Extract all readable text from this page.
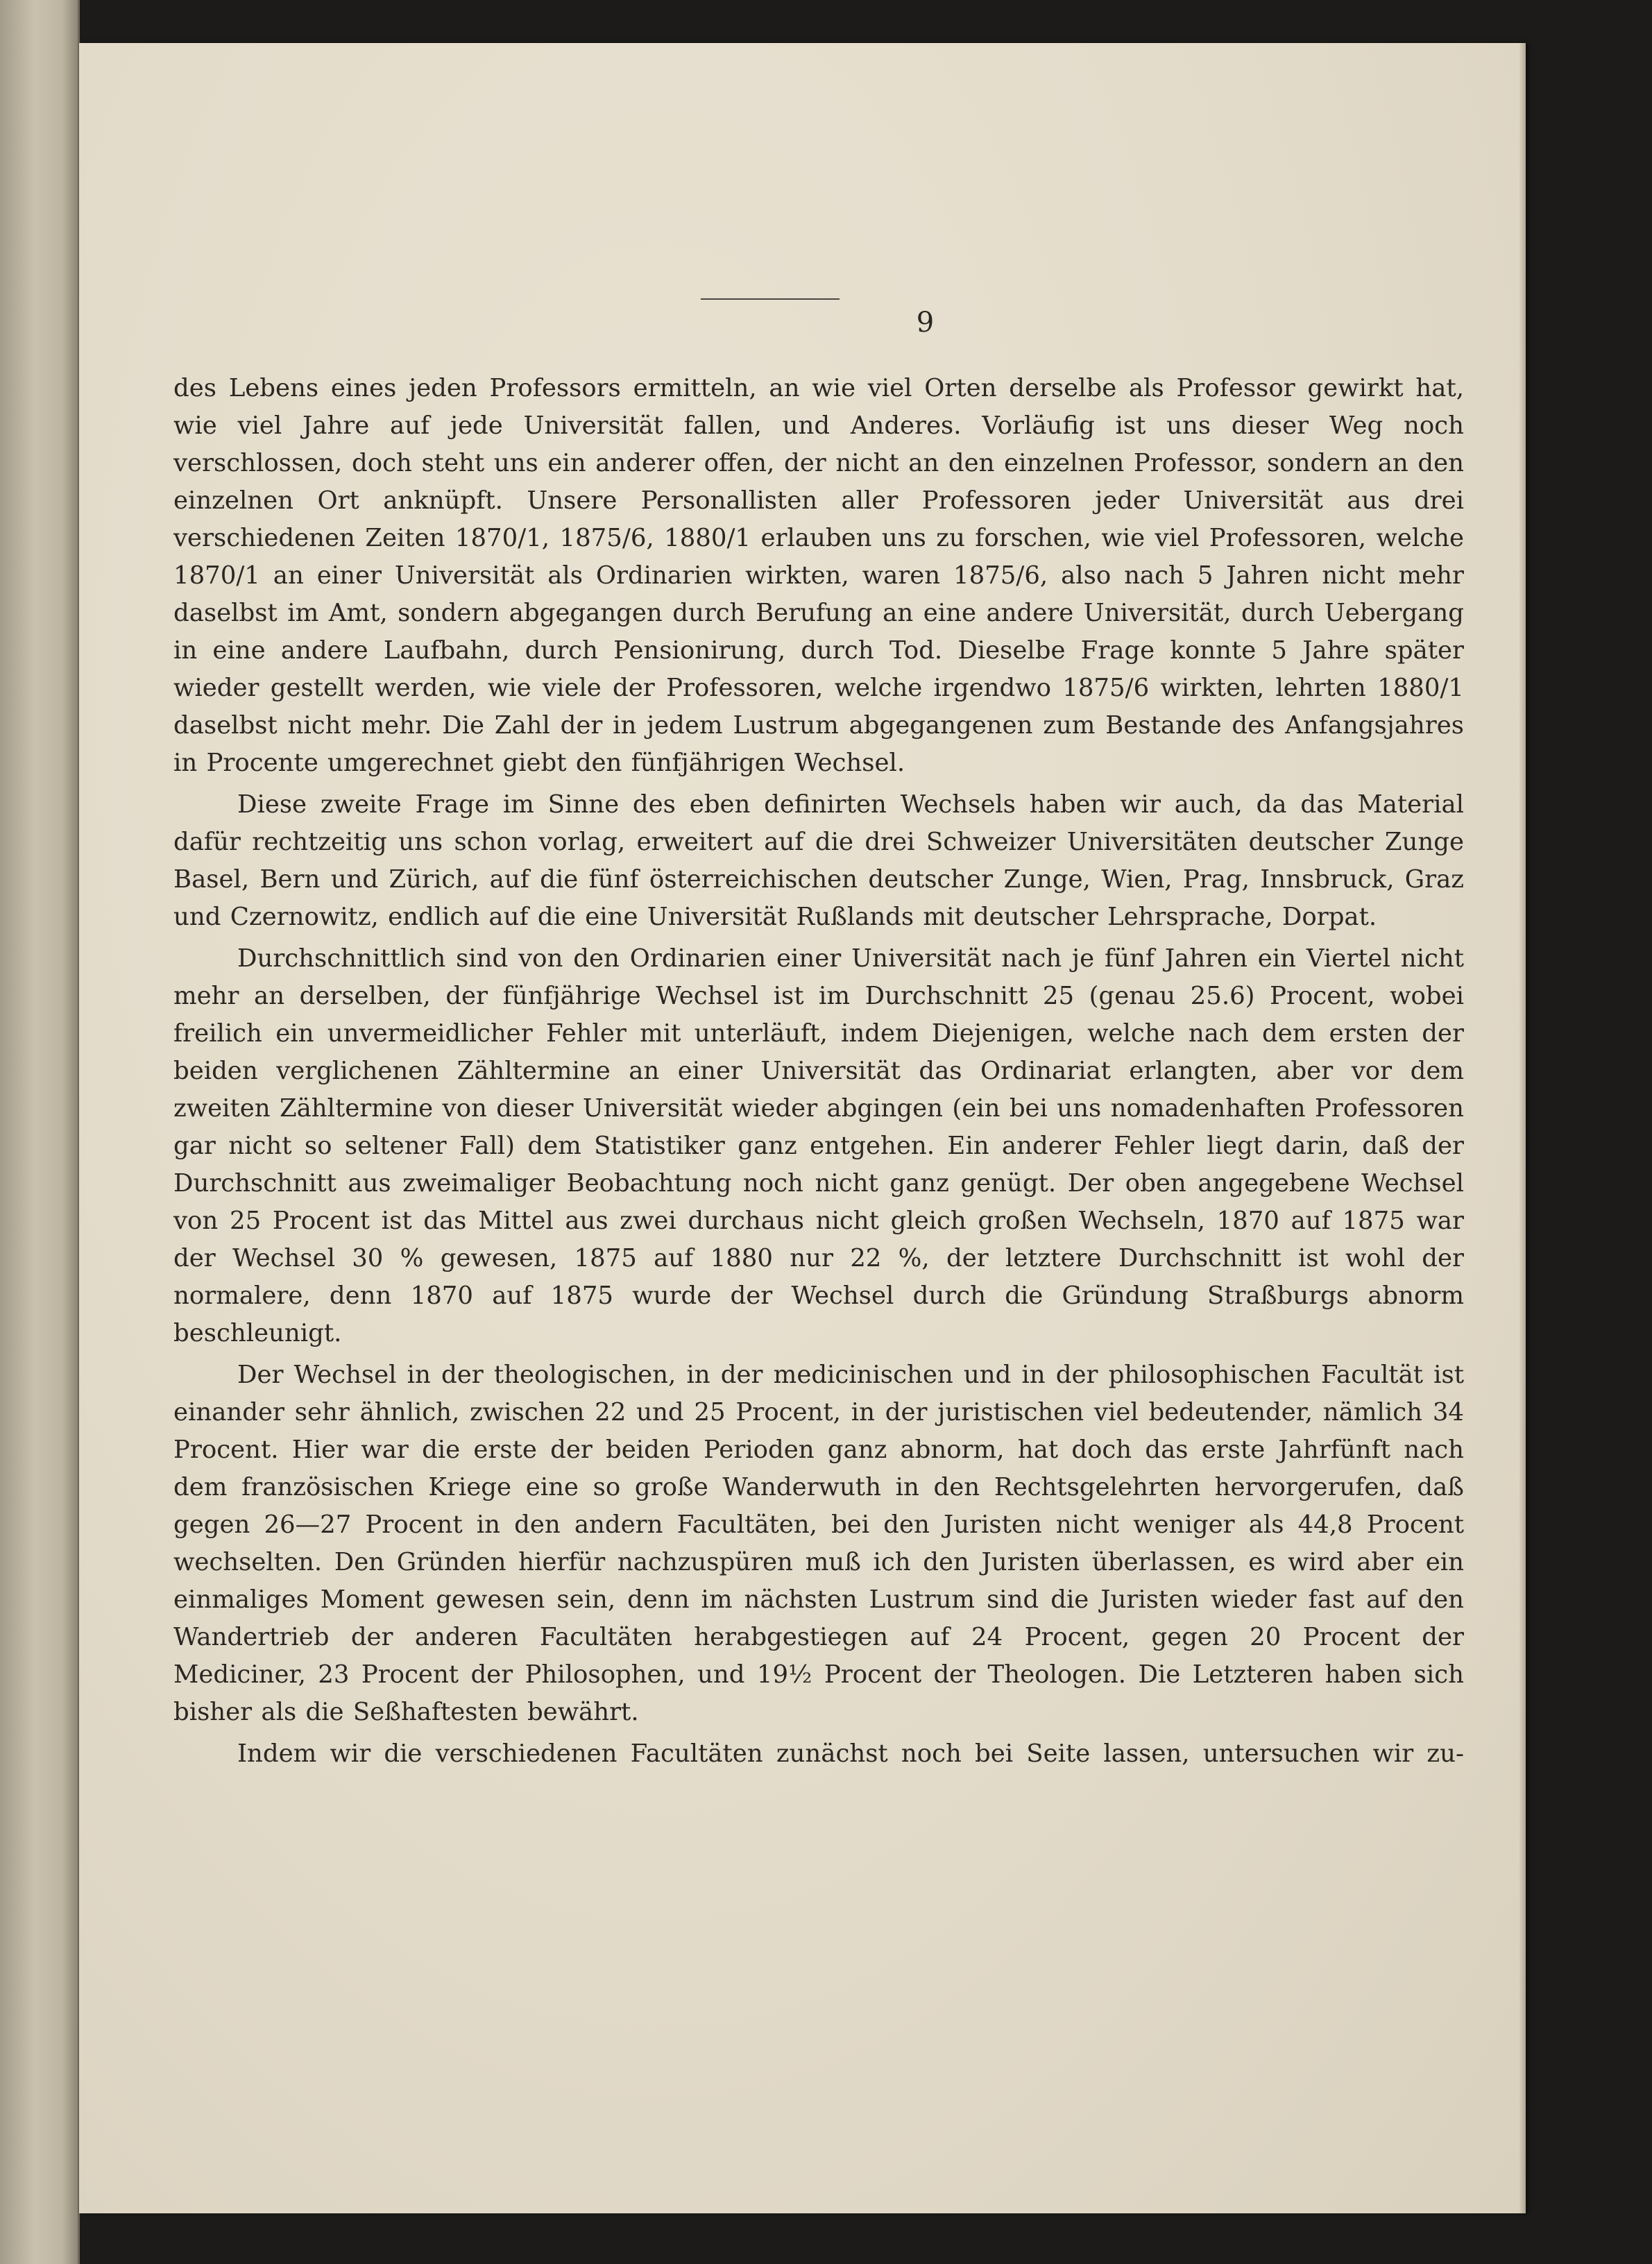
9

des Lebens eines jeden Professors ermitteln, an wie viel Orten derselbe als Professor gewirkt hat, wie viel Jahre auf jede Universität fallen, und Anderes. Vorläufig ist uns dieser Weg noch verschlossen, doch steht uns ein anderer offen, der nicht an den einzelnen Professor, sondern an den einzelnen Ort anknüpft. Unsere Personallisten aller Professoren jeder Universität aus drei verschiedenen Zeiten 1870/1, 1875/6, 1880/1 erlauben uns zu forschen, wie viel Professoren, welche 1870/1 an einer Universität als Ordinarien wirkten, waren 1875/6, also nach 5 Jahren nicht mehr daselbst im Amt, sondern abgegangen durch Berufung an eine andere Universität, durch Uebergang in eine andere Laufbahn, durch Pensionirung, durch Tod. Dieselbe Frage konnte 5 Jahre später wieder gestellt werden, wie viele der Professoren, welche irgendwo 1875/6 wirkten, lehrten 1880/1 daselbst nicht mehr. Die Zahl der in jedem Lustrum abgegangenen zum Bestande des Anfangsjahres in Procente umgerechnet giebt den fünfjährigen Wechsel.

Diese zweite Frage im Sinne des eben definirten Wechsels haben wir auch, da das Material dafür rechtzeitig uns schon vorlag, erweitert auf die drei Schweizer Universitäten deutscher Zunge Basel, Bern und Zürich, auf die fünf österreichischen deutscher Zunge, Wien, Prag, Innsbruck, Graz und Czernowitz, endlich auf die eine Universität Rußlands mit deutscher Lehrsprache, Dorpat.

Durchschnittlich sind von den Ordinarien einer Universität nach je fünf Jahren ein Viertel nicht mehr an derselben, der fünfjährige Wechsel ist im Durchschnitt 25 (genau 25.6) Procent, wobei freilich ein unvermeidlicher Fehler mit unterläuft, indem Diejenigen, welche nach dem ersten der beiden verglichenen Zähltermine an einer Universität das Ordinariat erlangten, aber vor dem zweiten Zähltermine von dieser Universität wieder abgingen (ein bei uns nomadenhaften Professoren gar nicht so seltener Fall) dem Statistiker ganz entgehen. Ein anderer Fehler liegt darin, daß der Durchschnitt aus zweimaliger Beobachtung noch nicht ganz genügt. Der oben angegebene Wechsel von 25 Procent ist das Mittel aus zwei durchaus nicht gleich großen Wechseln, 1870 auf 1875 war der Wechsel 30 % gewesen, 1875 auf 1880 nur 22 %, der letztere Durchschnitt ist wohl der normalere, denn 1870 auf 1875 wurde der Wechsel durch die Gründung Straßburgs abnorm beschleunigt.

Der Wechsel in der theologischen, in der medicinischen und in der philosophischen Facultät ist einander sehr ähnlich, zwischen 22 und 25 Procent, in der juristischen viel bedeutender, nämlich 34 Procent. Hier war die erste der beiden Perioden ganz abnorm, hat doch das erste Jahrfünft nach dem französischen Kriege eine so große Wanderwuth in den Rechtsgelehrten hervorgerufen, daß gegen 26—27 Procent in den andern Facultäten, bei den Juristen nicht weniger als 44,8 Procent wechselten. Den Gründen hierfür nachzuspüren muß ich den Juristen überlassen, es wird aber ein einmaliges Moment gewesen sein, denn im nächsten Lustrum sind die Juristen wieder fast auf den Wandertrieb der anderen Facultäten herabgestiegen auf 24 Procent, gegen 20 Procent der Mediciner, 23 Procent der Philosophen, und 19½ Procent der Theologen. Die Letzteren haben sich bisher als die Seßhaftesten bewährt.

Indem wir die verschiedenen Facultäten zunächst noch bei Seite lassen, untersuchen wir zu-
